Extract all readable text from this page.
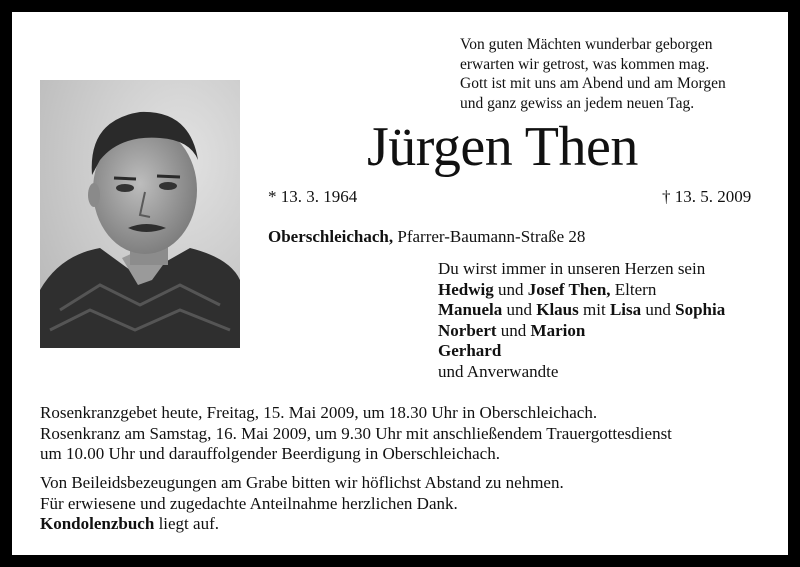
Von guten Mächten wunderbar geborgen
erwarten wir getrost, was kommen mag.
Gott ist mit uns am Abend und am Morgen
und ganz gewiss an jedem neuen Tag.
Jürgen Then
* 13. 3. 1964	† 13. 5. 2009
Oberschleichach, Pfarrer-Baumann-Straße 28
Du wirst immer in unseren Herzen sein
Hedwig und Josef Then, Eltern
Manuela und Klaus mit Lisa und Sophia
Norbert und Marion
Gerhard
und Anverwandte
Rosenkranzgebet heute, Freitag, 15. Mai 2009, um 18.30 Uhr in Oberschleichach.
Rosenkranz am Samstag, 16. Mai 2009, um 9.30 Uhr mit anschließendem Trauergottesdienst
um 10.00 Uhr und darauffolgender Beerdigung in Oberschleichach.
Von Beileidsbezeugungen am Grabe bitten wir höflichst Abstand zu nehmen.
Für erwiesene und zugedachte Anteilnahme herzlichen Dank.
Kondolenzbuch liegt auf.
